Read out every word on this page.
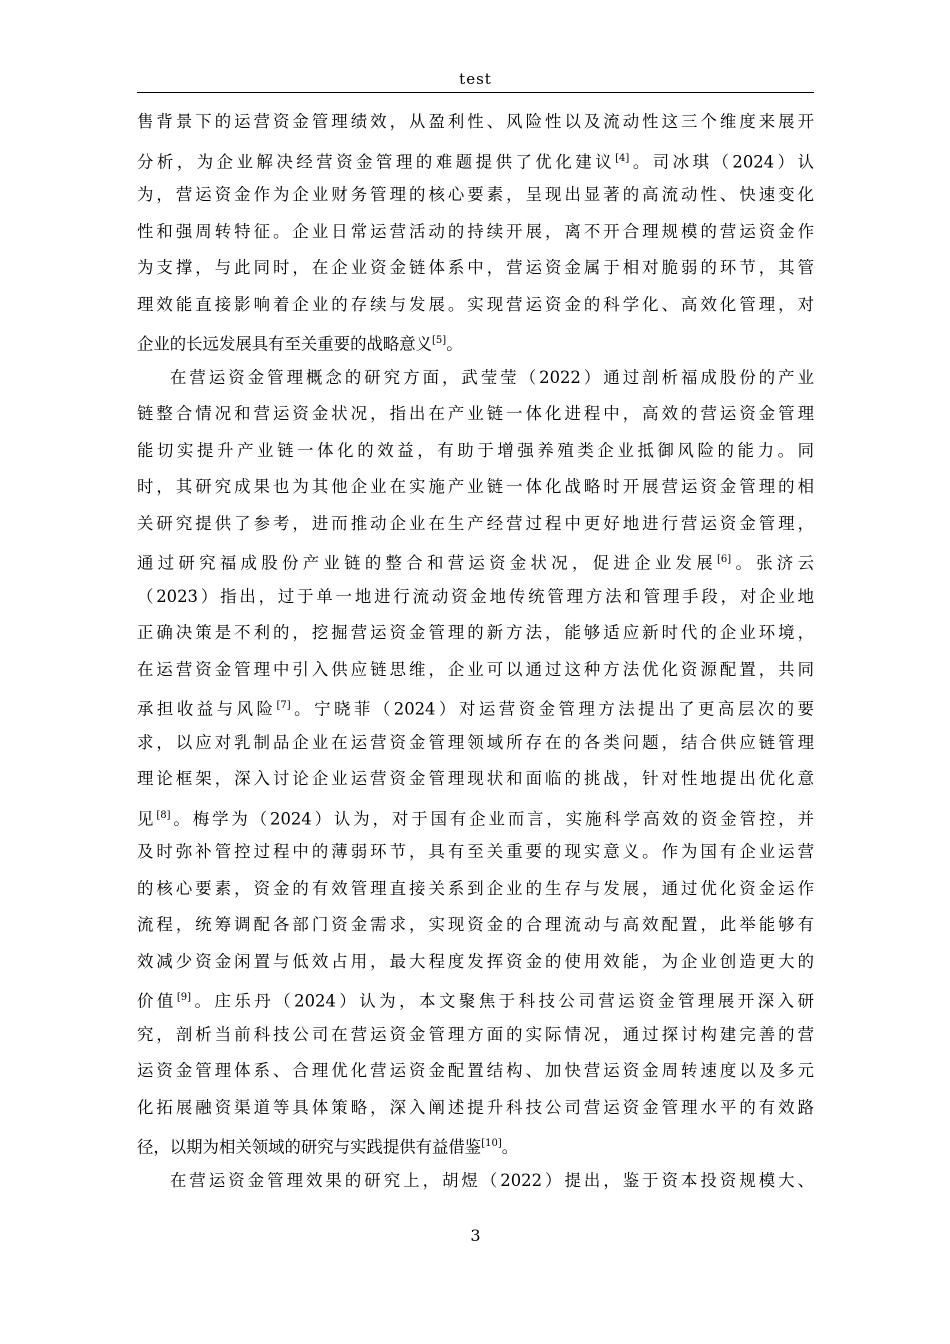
test
售背景下的运营资金管理绩效，从盈利性、风险性以及流动性这三个维度来展开
分析，为企业解决经营资金管理的难题提供了优化建议[4]。司冰琪（2024）认
为，营运资金作为企业财务管理的核心要素，呈现出显著的高流动性、快速变化
性和强周转特征。企业日常运营活动的持续开展，离不开合理规模的营运资金作
为支撑，与此同时，在企业资金链体系中，营运资金属于相对脆弱的环节，其管
理效能直接影响着企业的存续与发展。实现营运资金的科学化、高效化管理，对
企业的长远发展具有至关重要的战略意义[5]。
在营运资金管理概念的研究方面，武莹莹（2022）通过剖析福成股份的产业
链整合情况和营运资金状况，指出在产业链一体化进程中，高效的营运资金管理
能切实提升产业链一体化的效益，有助于增强养殖类企业抵御风险的能力。同
时，其研究成果也为其他企业在实施产业链一体化战略时开展营运资金管理的相
关研究提供了参考，进而推动企业在生产经营过程中更好地进行营运资金管理，
通过研究福成股份产业链的整合和营运资金状况，促进企业发展[6]。张济云
（2023）指出，过于单一地进行流动资金地传统管理方法和管理手段，对企业地
正确决策是不利的，挖掘营运资金管理的新方法，能够适应新时代的企业环境，
在运营资金管理中引入供应链思维，企业可以通过这种方法优化资源配置，共同
承担收益与风险[7]。宁晓菲（2024）对运营资金管理方法提出了更高层次的要
求，以应对乳制品企业在运营资金管理领域所存在的各类问题，结合供应链管理
理论框架，深入讨论企业运营资金管理现状和面临的挑战，针对性地提出优化意
见[8]。梅学为（2024）认为，对于国有企业而言，实施科学高效的资金管控，并
及时弥补管控过程中的薄弱环节，具有至关重要的现实意义。作为国有企业运营
的核心要素，资金的有效管理直接关系到企业的生存与发展，通过优化资金运作
流程，统筹调配各部门资金需求，实现资金的合理流动与高效配置，此举能够有
效减少资金闲置与低效占用，最大程度发挥资金的使用效能，为企业创造更大的
价值[9]。庄乐丹（2024）认为，本文聚焦于科技公司营运资金管理展开深入研
究，剖析当前科技公司在营运资金管理方面的实际情况，通过探讨构建完善的营
运资金管理体系、合理优化营运资金配置结构、加快营运资金周转速度以及多元
化拓展融资渠道等具体策略，深入阐述提升科技公司营运资金管理水平的有效路
径，以期为相关领域的研究与实践提供有益借鉴[10]。
在营运资金管理效果的研究上，胡煜（2022）提出，鉴于资本投资规模大、
3
